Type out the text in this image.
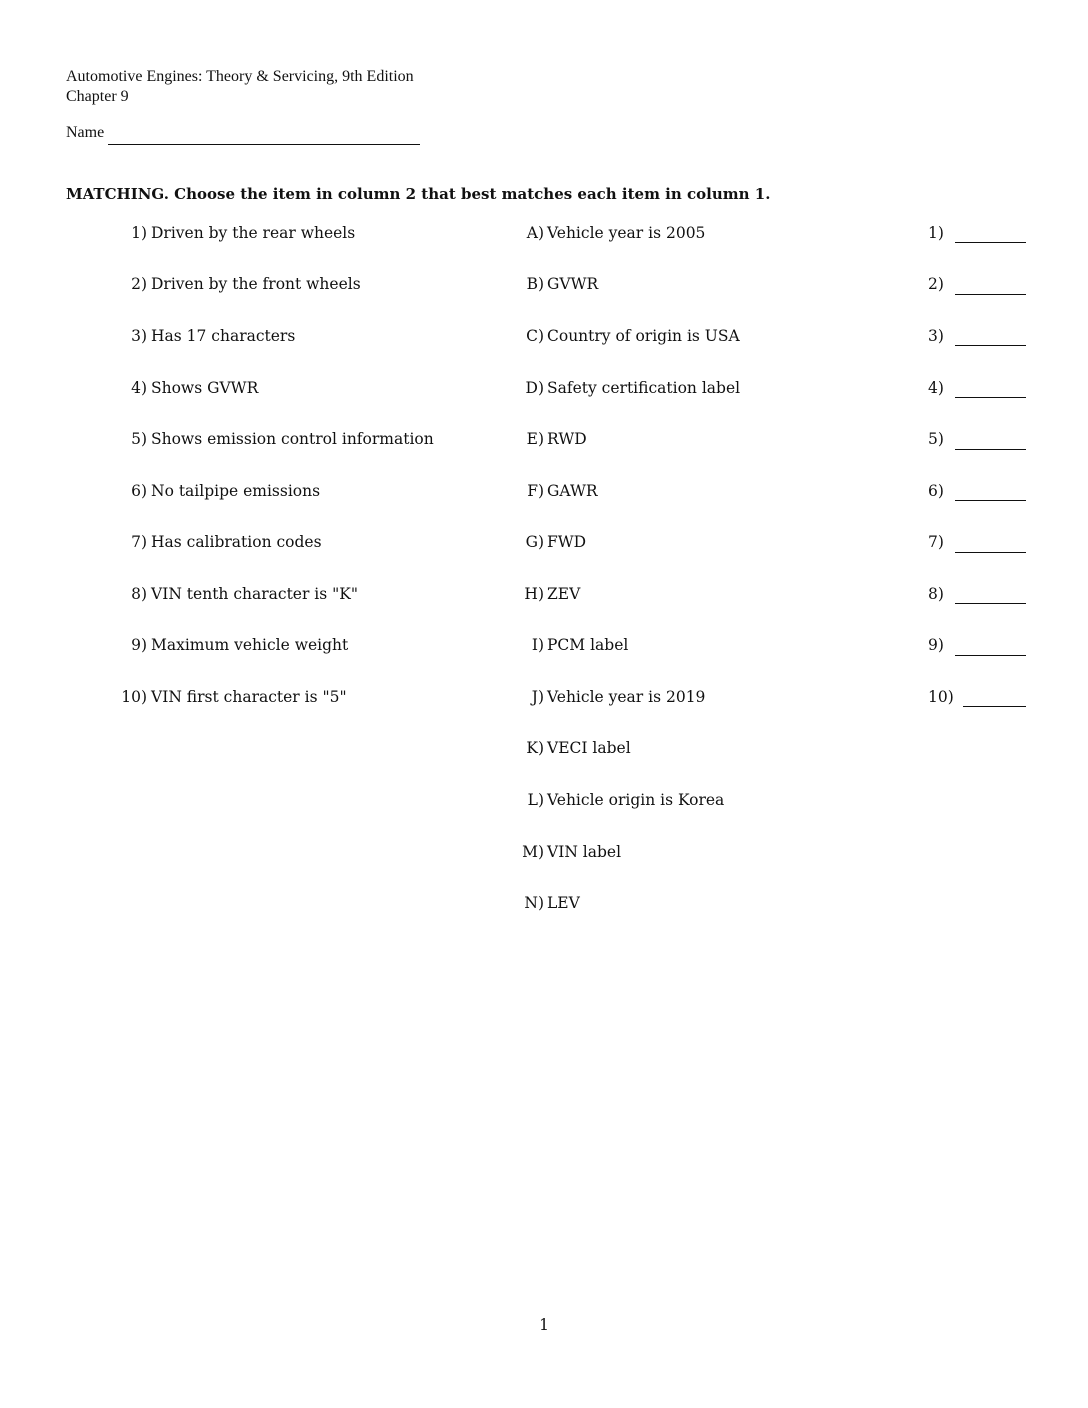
Automotive Engines: Theory & Servicing, 9th Edition
Chapter 9
Name
MATCHING. Choose the item in column 2 that best matches each item in column 1.
1) Driven by the rear wheels
2) Driven by the front wheels
3) Has 17 characters
4) Shows GVWR
5) Shows emission control information
6) No tailpipe emissions
7) Has calibration codes
8) VIN tenth character is "K"
9) Maximum vehicle weight
10) VIN first character is "5"
A) Vehicle year is 2005
B) GVWR
C) Country of origin is USA
D) Safety certification label
E) RWD
F) GAWR
G) FWD
H) ZEV
I) PCM label
J) Vehicle year is 2019
K) VECI label
L) Vehicle origin is Korea
M) VIN label
N) LEV
1)
2)
3)
4)
5)
6)
7)
8)
9)
10)
1
